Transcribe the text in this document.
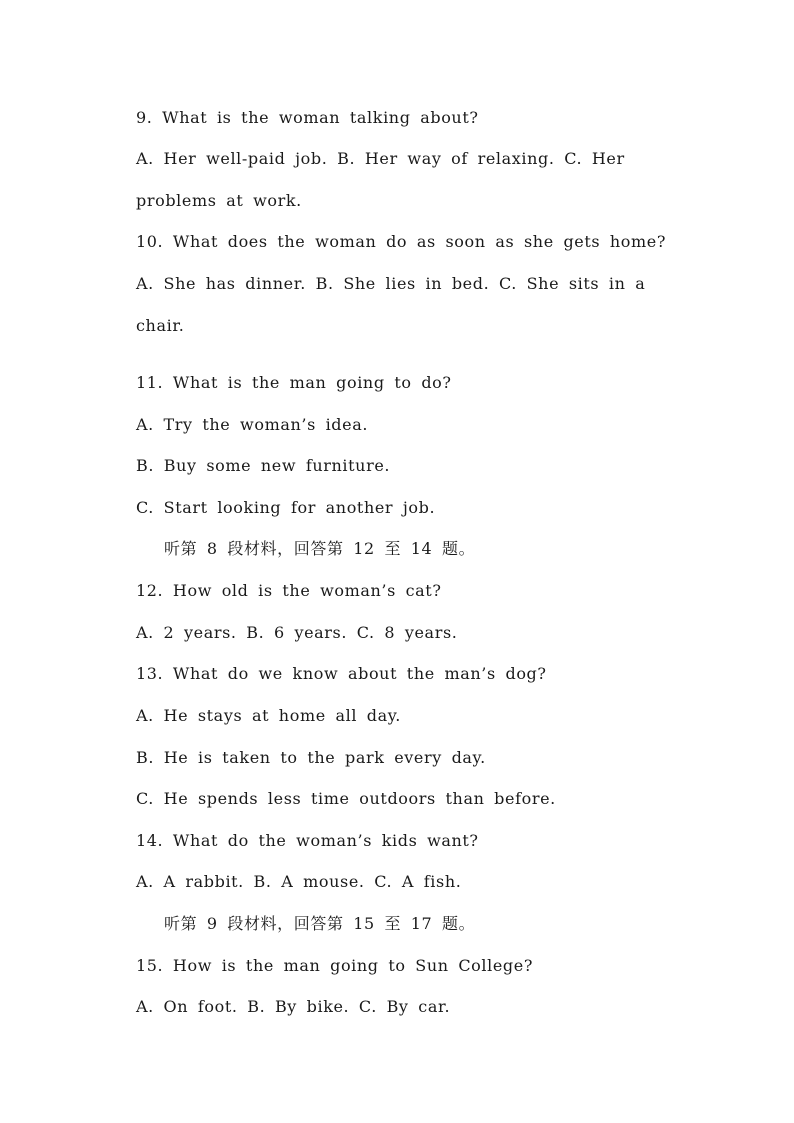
9. What is the woman talking about?
A. Her well-paid job. B. Her way of relaxing. C. Her
problems at work.
10. What does the woman do as soon as she gets home?
A. She has dinner. B. She lies in bed. C. She sits in a
chair.
11. What is the man going to do?
A. Try the woman’s idea.
B. Buy some new furniture.
C. Start looking for another job.
听第 8 段材料，回答第 12 至 14 题。
12. How old is the woman’s cat?
A. 2 years. B. 6 years. C. 8 years.
13. What do we know about the man’s dog?
A. He stays at home all day.
B. He is taken to the park every day.
C. He spends less time outdoors than before.
14. What do the woman’s kids want?
A. A rabbit. B. A mouse. C. A fish.
听第 9 段材料，回答第 15 至 17 题。
15. How is the man going to Sun College?
A. On foot. B. By bike. C. By car.
